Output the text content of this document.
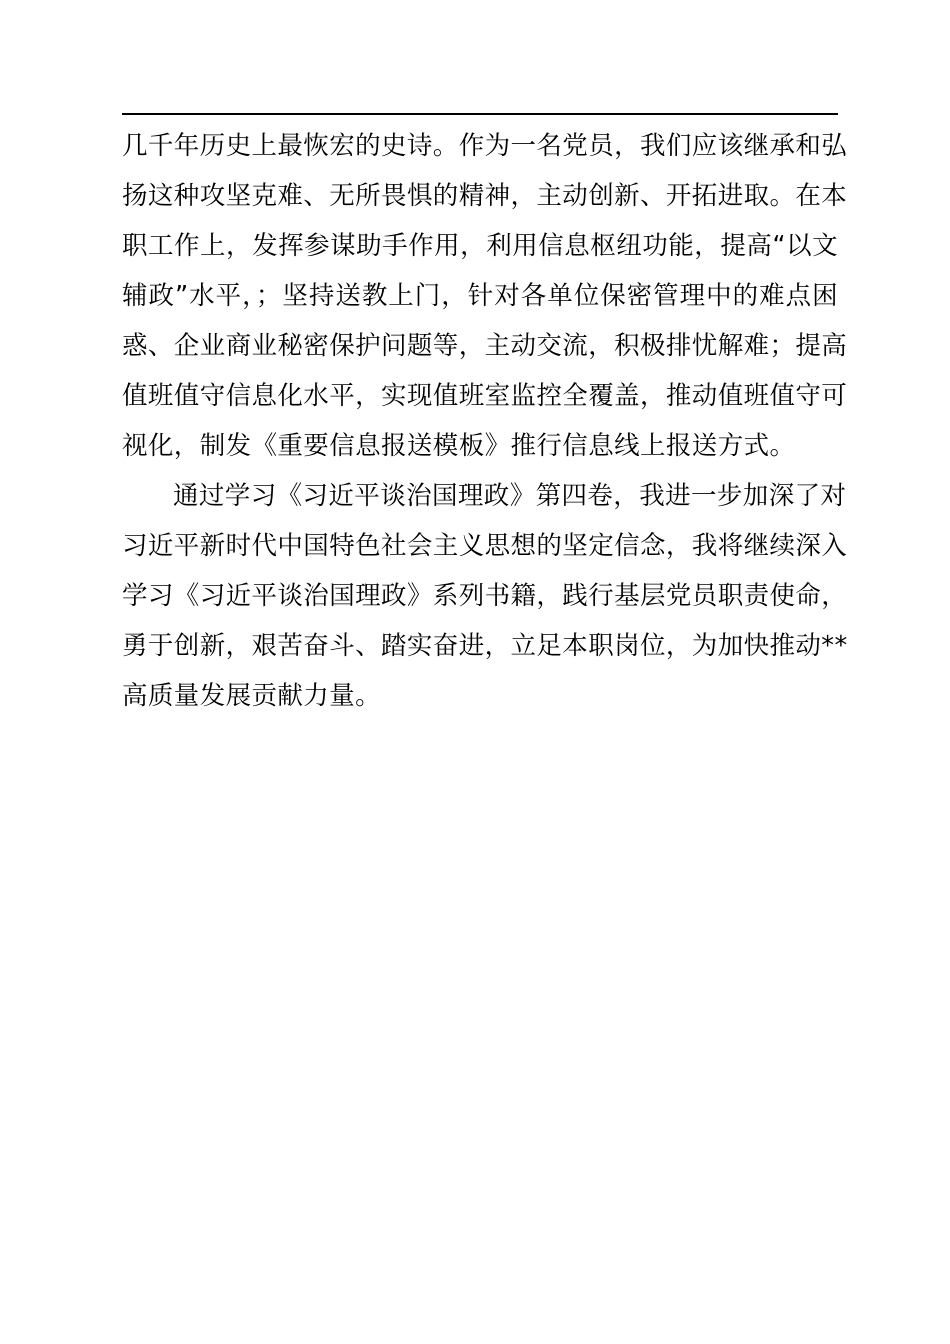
几千年历史上最恢宏的史诗。作为一名党员，我们应该继承和弘
扬这种攻坚克难、无所畏惧的精神，主动创新、开拓进取。在本
职工作上，发挥参谋助手作用，利用信息枢纽功能，提高“以文
辅政”水平，；坚持送教上门，针对各单位保密管理中的难点困
惑、企业商业秘密保护问题等，主动交流，积极排忧解难；提高
值班值守信息化水平，实现值班室监控全覆盖，推动值班值守可
视化，制发《重要信息报送模板》推行信息线上报送方式。
通过学习《习近平谈治国理政》第四卷，我进一步加深了对
习近平新时代中国特色社会主义思想的坚定信念，我将继续深入
学习《习近平谈治国理政》系列书籍，践行基层党员职责使命，
勇于创新，艰苦奋斗、踏实奋进，立足本职岗位，为加快推动**
高质量发展贡献力量。
